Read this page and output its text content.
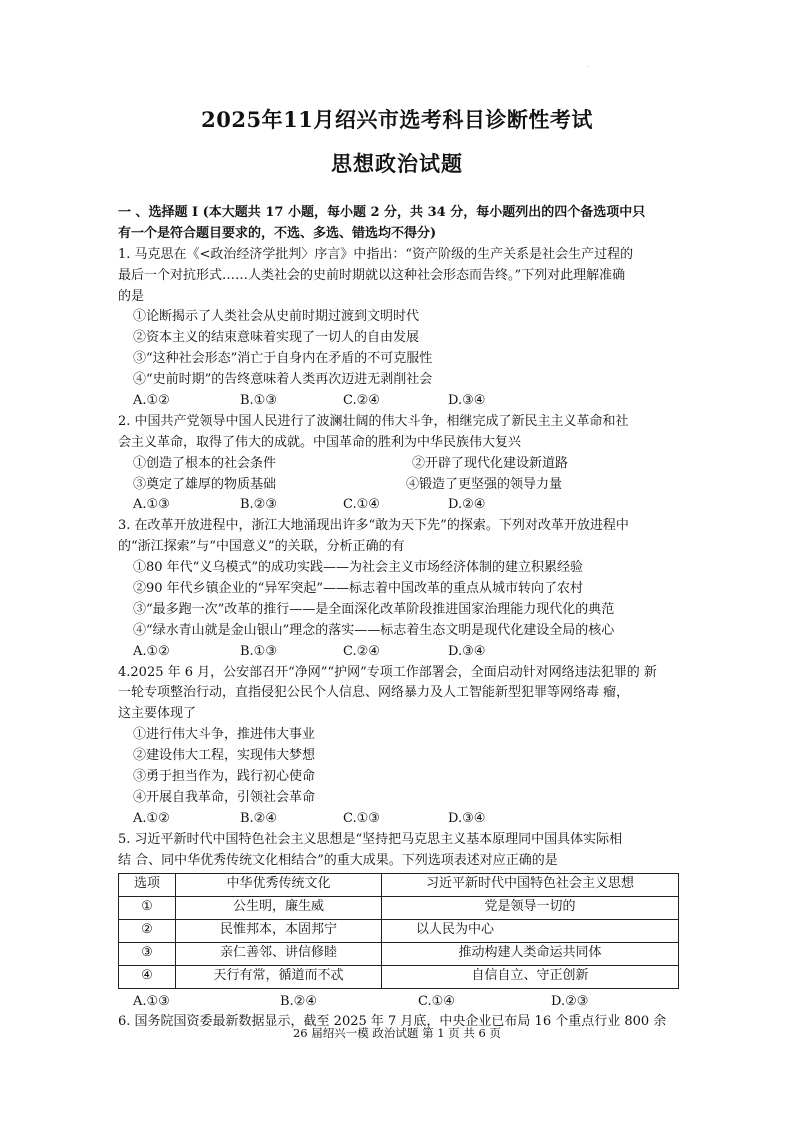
·
2025年11月绍兴市选考科目诊断性考试
思想政治试题
一 、选择题 I (本大题共 17 小题，每小题 2 分，共 34 分，每小题列出的四个备选项中只
有一个是符合题目要求的，不选、多选、错选均不得分)
1. 马克思在《<政治经济学批判〉序言》中指出：“资产阶级的生产关系是社会生产过程的
最后一个对抗形式……人类社会的史前时期就以这种社会形态而告终。”下列对此理解准确
的是
①论断揭示了人类社会从史前时期过渡到文明时代
②资本主义的结束意味着实现了一切人的自由发展
③“这种社会形态”消亡于自身内在矛盾的不可克服性
④“史前时期”的告终意味着人类再次迈进无剥削社会
A.①②	B.①③	C.②④	D.③④
2. 中国共产党领导中国人民进行了波澜壮阔的伟大斗争，相继完成了新民主主义革命和社
会主义革命，取得了伟大的成就。中国革命的胜利为中华民族伟大复兴
①创造了根本的社会条件	②开辟了现代化建设新道路
③奠定了雄厚的物质基础	④锻造了更坚强的领导力量
A.①③	B.②③	C.①④	D.②④
3. 在改革开放进程中，浙江大地涌现出许多“敢为天下先”的探索。下列对改革开放进程中
的“浙江探索”与“中国意义”的关联，分析正确的有
①80 年代“义乌模式”的成功实践——为社会主义市场经济体制的建立积累经验
②90 年代乡镇企业的“异军突起”——标志着中国改革的重点从城市转向了农村
③“最多跑一次”改革的推行——是全面深化改革阶段推进国家治理能力现代化的典范
④“绿水青山就是金山银山”理念的落实——标志着生态文明是现代化建设全局的核心
A.①②	B.①③	C.②④	D.③④
4.2025 年 6 月，公安部召开“净网”“护网”专项工作部署会，全面启动针对网络违法犯罪的 新
一轮专项整治行动，直指侵犯公民个人信息、网络暴力及人工智能新型犯罪等网络毒 瘤，
这主要体现了
①进行伟大斗争，推进伟大事业
②建设伟大工程，实现伟大梦想
③勇于担当作为，践行初心使命
④开展自我革命，引领社会革命
A.①②	B.②④	C.①③	D.③④
5. 习近平新时代中国特色社会主义思想是“坚持把马克思主义基本原理同中国具体实际相
结 合、同中华优秀传统文化相结合”的重大成果。下列选项表述对应正确的是
选项	中华优秀传统文化	习近平新时代中国特色社会主义思想
①	公生明，廉生威	党是领导一切的
②	民惟邦本，本固邦宁	以人民为中心
③	亲仁善邻、讲信修睦	推动构建人类命运共同体
④	天行有常，循道而不忒	自信自立、守正创新
A.①③	B.②④	C.①④	D.②③
6. 国务院国资委最新数据显示，截至 2025 年 7 月底，中央企业已布局 16 个重点行业 800 余
26 届绍兴一模 政治试题 第 1 页 共 6 页
